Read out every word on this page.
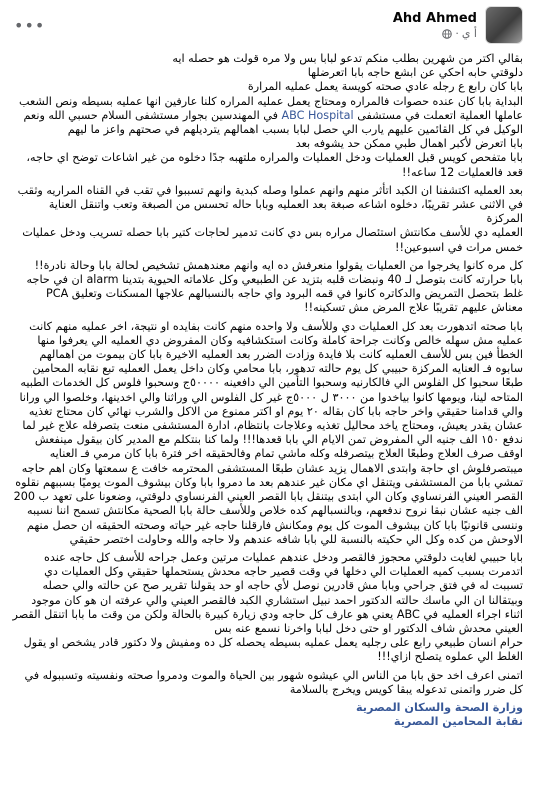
•••	Ahd Ahmed
أ ي
·

بقالي اكتر من شهرين بطلب منكم تدعو لبابا بس ولا مره قولت هو حصله ايه
دلوقتي حابه احكي عن ابشع حاجه بابا اتعرضلها
بابا كان رابع ع رجله عادي صحته كويسة يعمل عمليه المرارة
البداية بابا كان عنده حصوات فالمراره ومحتاج يعمل عمليه المراره كلنا عارفين انها عمليه بسيطه ونص الشعب عاملها العملية اتعملت في مستشفى ABC Hospital في المهندسين بجوار مستشفى السلام حسبي الله ونعم الوكيل في كل القائمين عليهم يارب الي حصل لبابا بسبب اهمالهم يترديلهم في صحتهم واعز ما ليهم
بابا اتعرض لأكبر اهمال طبي ممكن حد يشوفه بعد
بابا متفحص كويس قبل العمليات ودخل العمليات والمراره ملتهبه جدًا دخلوه من غير اشاعات توضح اي حاجه، قعد فالعمليات 12 ساعه!!

بعد العمليه اكتشفنا ان الكبد اتأثر منهم وانهم عملوا وصله كبدية وانهم تسببوا في تقب في القناه المراريه وثقب في الاثنى عشر تقريبًا، دخلوه اشاعه صبغة بعد العمليه وبابا حاله تحسس من الصبغة وتعب واتنقل العناية المركزة
العمليه دي للأسف مكانتش استئصال مراره بس دي كانت تدمير لحاجات كتير بابا حصله تسريب ودخل عمليات خمس مرات في اسبوعين!!

كل مره كانوا يخرجوا من العمليات يقولوا منعرفش ده ايه وانهم معندهمش تشخيص لحالة بابا وحالة نادرة!!
بابا حرارته كانت بتوصل لـ 40 ونبضات قلبه بتزيد عن الطبيعي وكل علاماته الحيوية بتدينا alarm ان في حاجه غلط بتحصل التمريض والدكاتره كانوا في قمه البرود واي حاجه بالنسبالهم علاجها المسكنات وتعليق PCA معناش عليهم تقريبًا علاج المرض مش تسكينه!!

بابا صحته اتدهورت بعد كل العمليات دي وللأسف ولا واحده منهم كانت بفايده او نتيجة، اخر عمليه منهم كانت عمليه مش سهله خالص وكانت جراحة كاملة وكانت استكشافيه وكان المفروض دي العمليه الي يعرفوا منها الخطأ فين بس للأسف العمليه كانت بلا فايدة وزادت الضرر بعد العمليه الاخيرة بابا كان بيموت من اهمالهم سابوه فـ العنايه المركزة حبيبي كل يوم حالته تدهور، بابا محامي وكان داخل يعمل العمليه تبع نقابه المحامين طبعًا سحبوا كل الفلوس الي فالكارنيه وسحبوا التأمين الي دافعينه ٥٠٠٠٠ج وسحبوا فلوس كل الخدمات الطبيه المتاحه لينا، ويومها كانوا بياخدوا من ٣٠٠٠ ل ٥٠٠٠ج غير كل الفلوس الي وراثنا والي اخدينها، وخلصوا الي ورانا والي قدامنا حقيقي واخر حاجه بابا كان بقاله ٢٠ يوم او اكتر ممنوع من الاكل والشرب نهائي كان محتاج تغذيه عشان يقدر يعيش، ومحتاج ياخد محاليل تغذيه وعلاجات بانتظام، ادارة المستشفى منعت بتصرفله علاج غير لما ندفع ١٥٠ الف جنيه الي المفروض تمن الايام الي بابا قعدها!!! ولما كنا بنتكلم مع المدير كان بيقول مينفعش اوقف صرف العلاج وطبعًا العلاج بيتصرفله وكله ماشي تمام وفالحقيقه اخر فترة بابا كان مرمي فـ العنايه ميبتصرفلوش اي حاجة وابتدى الاهمال يزيد عشان طبعًا المستشفى المحترمه خافت ع سمعتها وكان اهم حاجه تمشي بابا من المستشفى ويتنقل اي مكان غير عندهم بعد ما دمروا بابا وكان بيشوف الموت يوميًا بسببهم نقلوه القصر العيني الفرنساوي وكان الي ابتدى بيتنقل بابا القصر العيني الفرنساوي دلوقتي، وضعونا على تعهد ب 200 الف جنيه عشان نبقا نروح ندفعهم، وبالنسبالهم كده خلاص وللأسف حالة بابا الصحية مكانتش تسمح اننا نسيبه وننسى قانونيًا بابا كان بيشوف الموت كل يوم ومكانش فارقلنا حاجه غير حياته وصحته الحقيقه ان حصل منهم الاوحش من كده وكل الي حكيته بالنسبة للي بابا شافه عندهم ولا حاجه والله وحاولت اختصر حقيقي

بابا حبيبي لغايت دلوقتي محجوز فالقصر ودخل عندهم عمليات مرتين وعمل جراحه للأسف كل حاجه عنده اتدمرت بسبب كميه العمليات الي دخلها في وقت قصير حاجه محدش يستحملها حقيقي وكل العمليات دي تسببت له في فتق جراحي وبابا مش قادرين نوصل لأي حاجه او حد يقولنا تقرير صح عن حالته والي حصله وبيتقالنا ان الي ماسك حالته الدكتور احمد نبيل استشاري الكبد فالقصر العيني والي عرفته ان هو كان موجود اثناء اجراء العمليه في ABC يعني هو عارف كل حاجه ودي زيارة كبيرة بالحالة ولكن من وقت ما بابا اتنقل القصر العيني محدش شاف الدكتور او حتى دخل لبابا واخرنا نسمع عنه بس
حرام انسان طبيعي رابع على رجليه يعمل عمليه بسيطه يحصله كل ده ومفيش ولا دكتور قادر يشخص او يقول الغلط الي عملوه يتصلح ازاي!!!

اتمنى اعرف اخد حق بابا من الناس الي عيشوه شهور بين الحياة والموت ودمروا صحته ونفسيته وتسببوله في كل ضرر واتمنى تدعوله يبقا كويس ويخرج بالسلامة

وزارة الصحة والسكان المصرية
نقابة المحامين المصرية
